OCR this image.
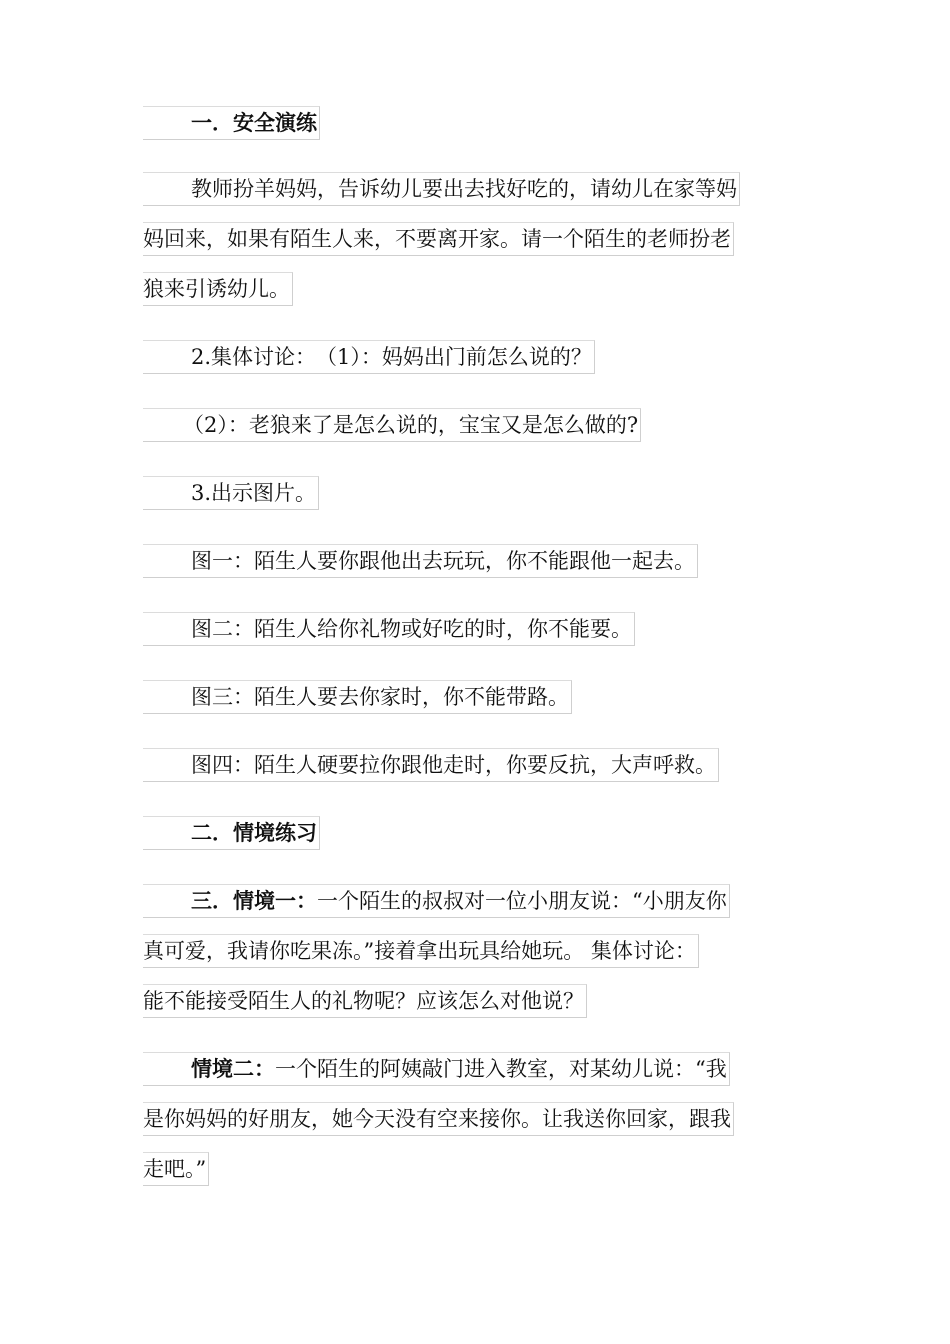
一．安全演练
教师扮羊妈妈，告诉幼儿要出去找好吃的，请幼儿在家等妈
妈回来，如果有陌生人来，不要离开家。请一个陌生的老师扮老
狼来引诱幼儿。
2.集体讨论：　（1）：妈妈出门前怎么说的？
（2）：老狼来了是怎么说的，宝宝又是怎么做的?
3.出示图片。
图一：陌生人要你跟他出去玩玩，你不能跟他一起去。
图二：陌生人给你礼物或好吃的时，你不能要。
图三：陌生人要去你家时，你不能带路。
图四：陌生人硬要拉你跟他走时，你要反抗，大声呼救。
二．情境练习
三．情境一：一个陌生的叔叔对一位小朋友说：“小朋友你
真可爱，我请你吃果冻。”接着拿出玩具给她玩。 集体讨论：
能不能接受陌生人的礼物呢？应该怎么对他说？
情境二：一个陌生的阿姨敲门进入教室，对某幼儿说：“我
是你妈妈的好朋友，她今天没有空来接你。让我送你回家，跟我
走吧。”
